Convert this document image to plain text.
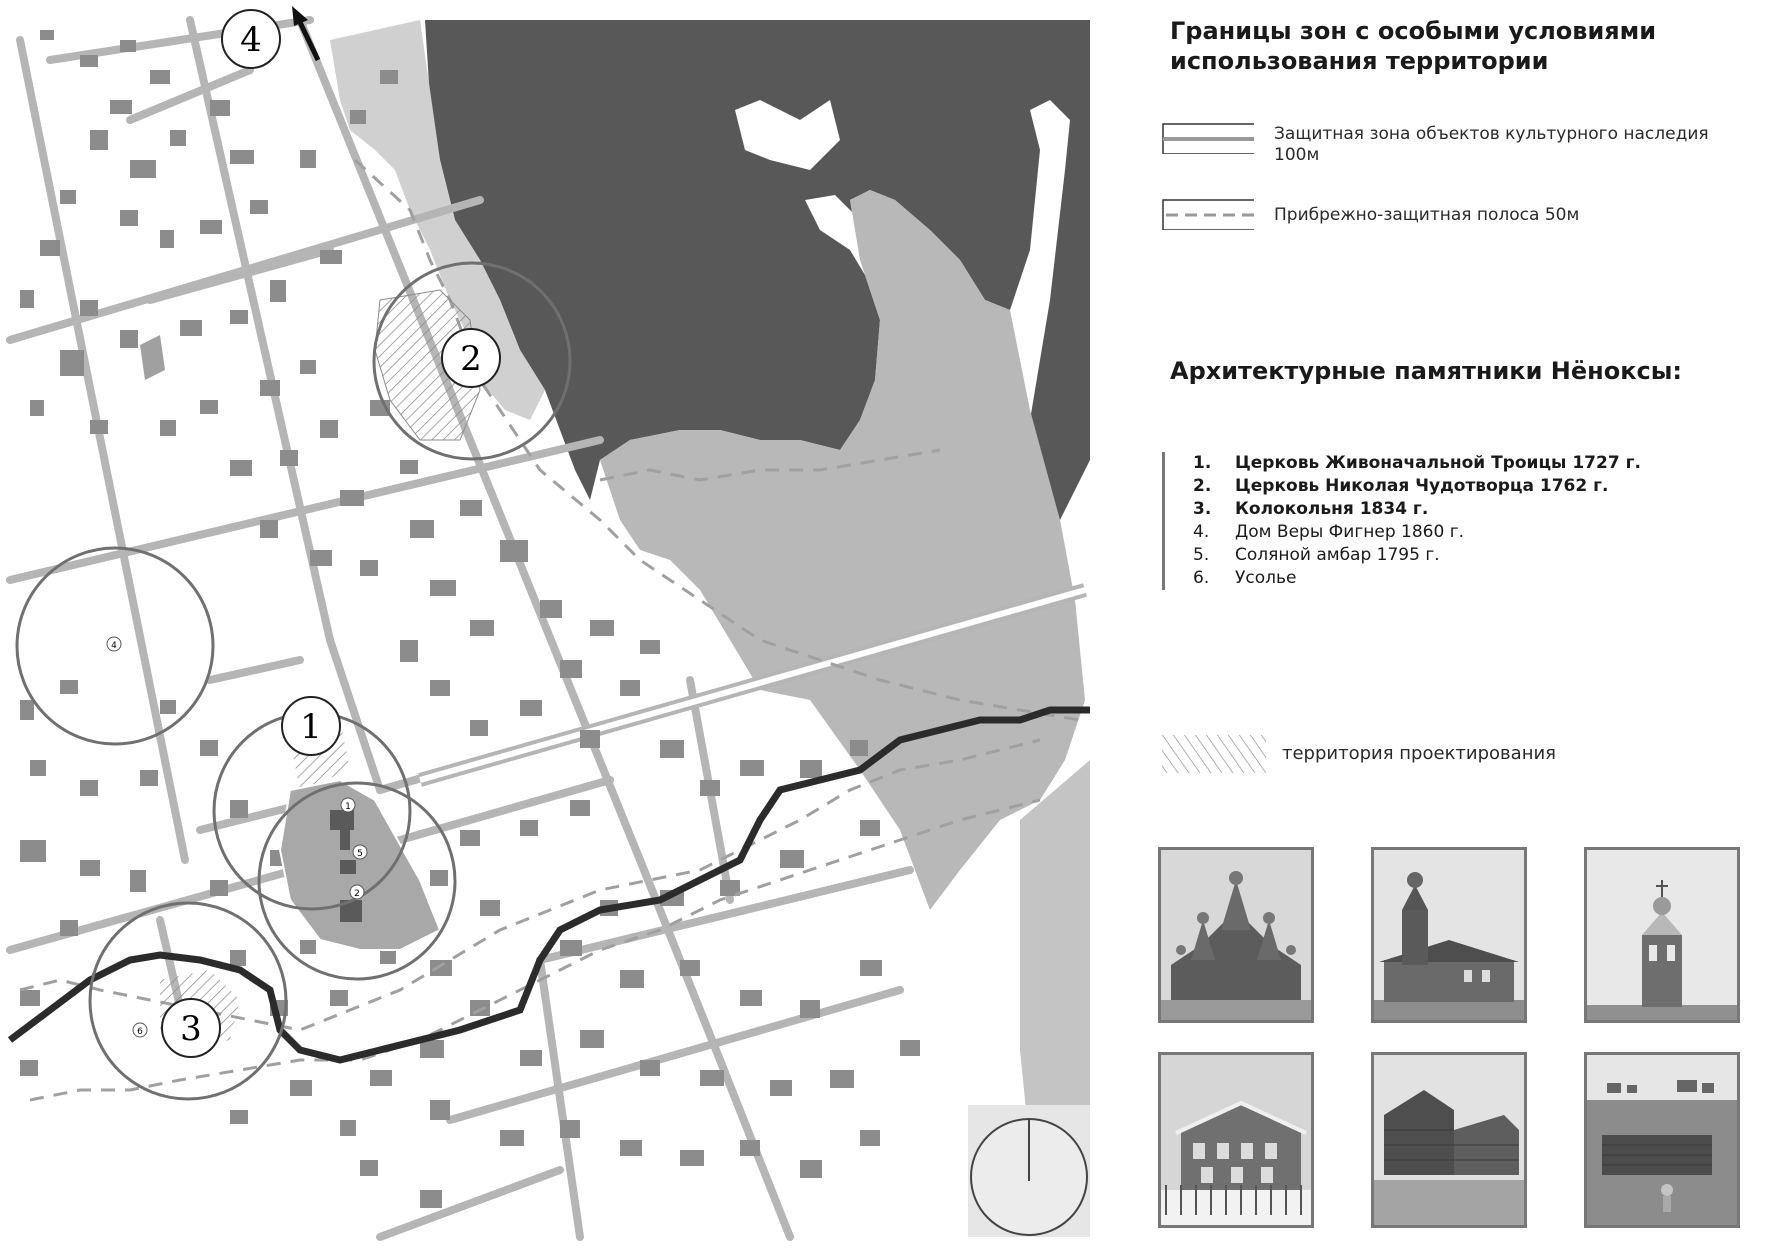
1
5
2
4
6
4
2
1
3
Границы зон с особыми условиями использования территории
Защитная зона объектов культурного наследия 100м
Прибрежно-защитная полоса 50м
Архитектурные памятники Нёноксы:
1. Церковь Живоначальной Троицы 1727 г.
2. Церковь Николая Чудотворца 1762 г.
3. Колокольня 1834 г.
4. Дом Веры Фигнер 1860 г.
5. Соляной амбар 1795 г.
6. Усолье
территория проектирования
